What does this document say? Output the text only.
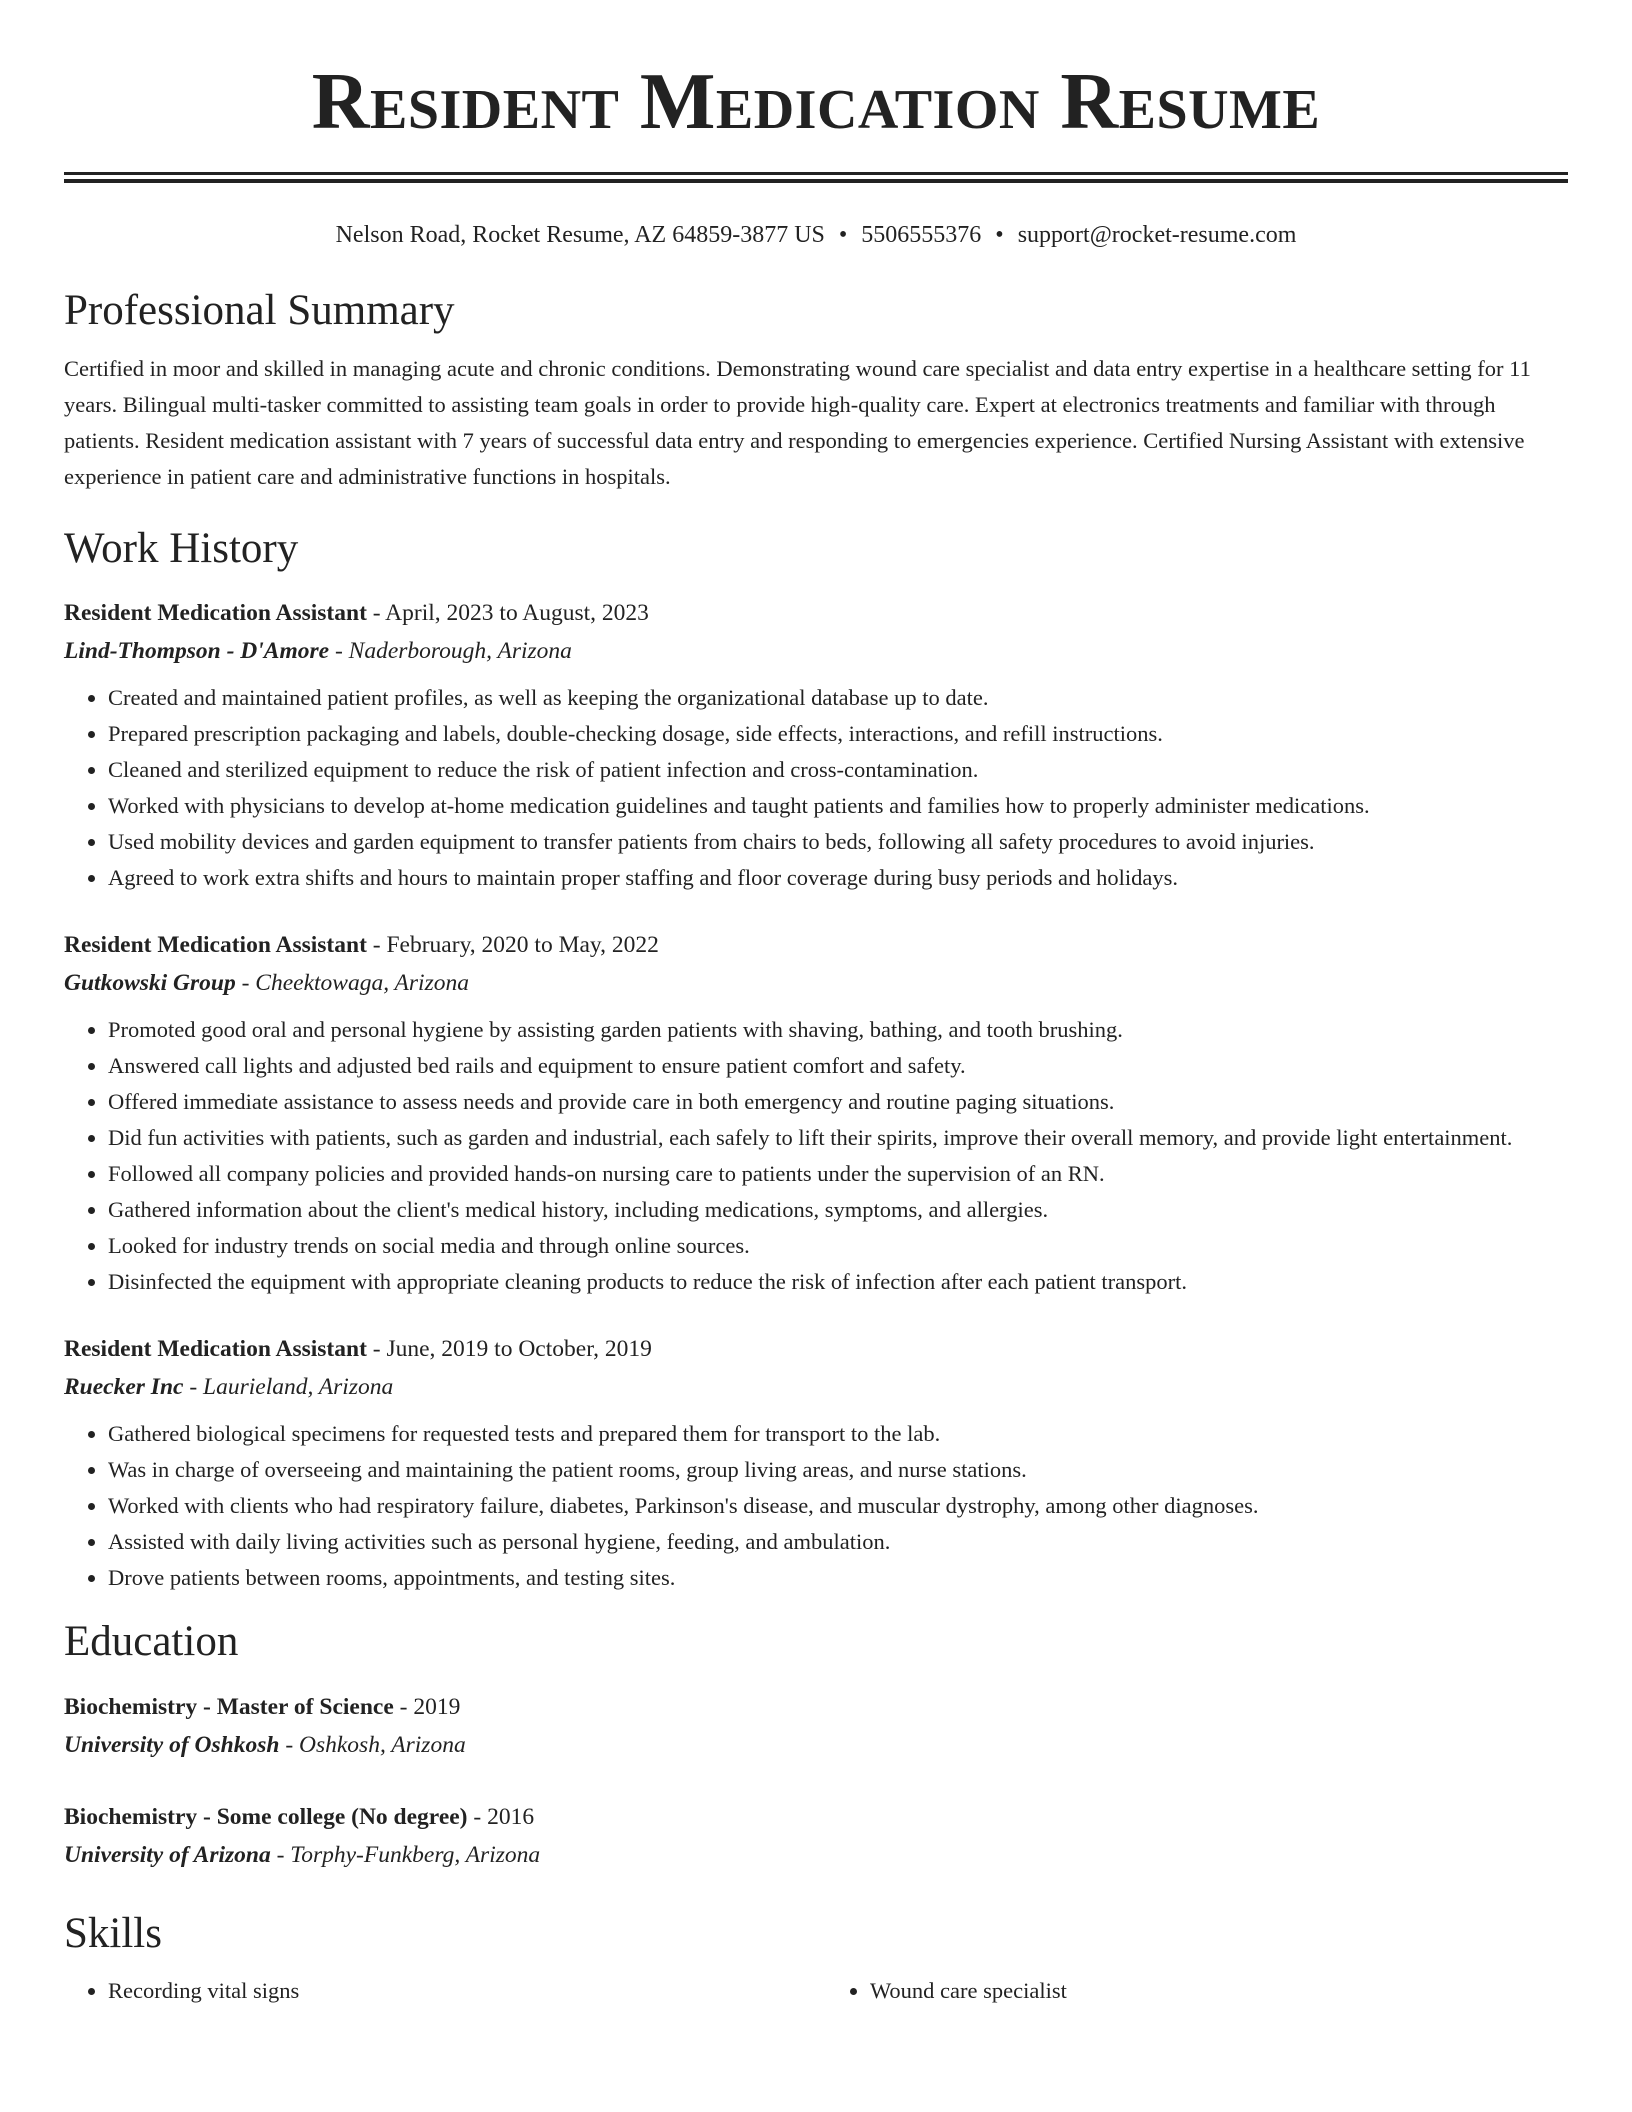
Resident Medication Resume
Nelson Road, Rocket Resume, AZ 64859-3877 US • 5506555376 • support@rocket-resume.com
Professional Summary
Certified in moor and skilled in managing acute and chronic conditions. Demonstrating wound care specialist and data entry expertise in a healthcare setting for 11 years. Bilingual multi-tasker committed to assisting team goals in order to provide high-quality care. Expert at electronics treatments and familiar with through patients. Resident medication assistant with 7 years of successful data entry and responding to emergencies experience. Certified Nursing Assistant with extensive experience in patient care and administrative functions in hospitals.
Work History
Resident Medication Assistant - April, 2023 to August, 2023
Lind-Thompson - D'Amore - Naderborough, Arizona
• Created and maintained patient profiles, as well as keeping the organizational database up to date.
• Prepared prescription packaging and labels, double-checking dosage, side effects, interactions, and refill instructions.
• Cleaned and sterilized equipment to reduce the risk of patient infection and cross-contamination.
• Worked with physicians to develop at-home medication guidelines and taught patients and families how to properly administer medications.
• Used mobility devices and garden equipment to transfer patients from chairs to beds, following all safety procedures to avoid injuries.
• Agreed to work extra shifts and hours to maintain proper staffing and floor coverage during busy periods and holidays.
Resident Medication Assistant - February, 2020 to May, 2022
Gutkowski Group - Cheektowaga, Arizona
• Promoted good oral and personal hygiene by assisting garden patients with shaving, bathing, and tooth brushing.
• Answered call lights and adjusted bed rails and equipment to ensure patient comfort and safety.
• Offered immediate assistance to assess needs and provide care in both emergency and routine paging situations.
• Did fun activities with patients, such as garden and industrial, each safely to lift their spirits, improve their overall memory, and provide light entertainment.
• Followed all company policies and provided hands-on nursing care to patients under the supervision of an RN.
• Gathered information about the client's medical history, including medications, symptoms, and allergies.
• Looked for industry trends on social media and through online sources.
• Disinfected the equipment with appropriate cleaning products to reduce the risk of infection after each patient transport.
Resident Medication Assistant - June, 2019 to October, 2019
Ruecker Inc - Laurieland, Arizona
• Gathered biological specimens for requested tests and prepared them for transport to the lab.
• Was in charge of overseeing and maintaining the patient rooms, group living areas, and nurse stations.
• Worked with clients who had respiratory failure, diabetes, Parkinson's disease, and muscular dystrophy, among other diagnoses.
• Assisted with daily living activities such as personal hygiene, feeding, and ambulation.
• Drove patients between rooms, appointments, and testing sites.
Education
Biochemistry - Master of Science - 2019
University of Oshkosh - Oshkosh, Arizona
Biochemistry - Some college (No degree) - 2016
University of Arizona - Torphy-Funkberg, Arizona
Skills
• Recording vital signs
•	Wound care specialist
